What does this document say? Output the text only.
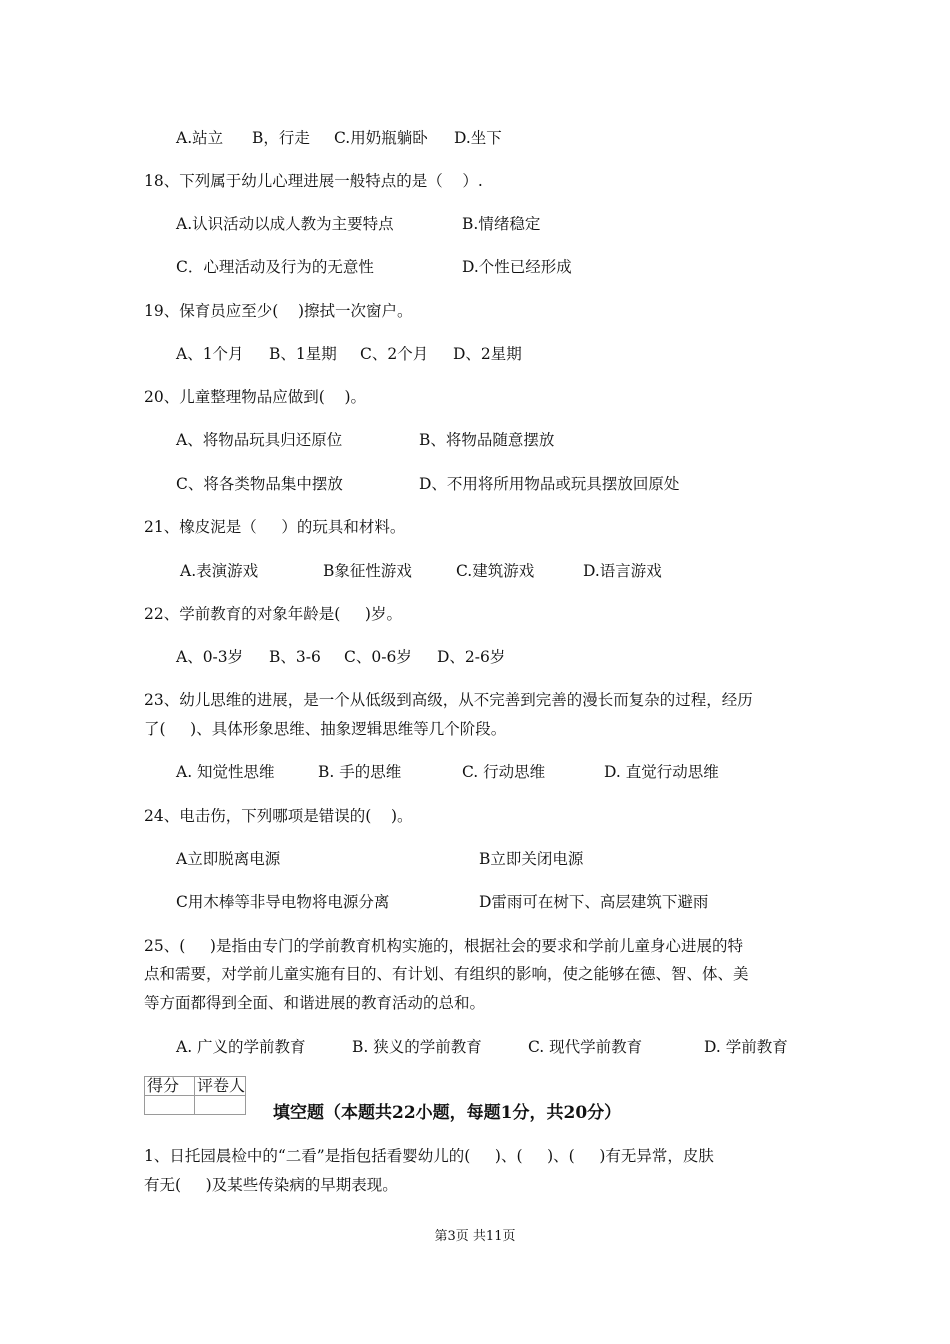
A.站立 B，行走 C.用奶瓶躺卧 D.坐下
18、下列属于幼儿心理进展一般特点的是（    ）.
A.认识活动以成人教为主要特点	B.情绪稳定
C．心理活动及行为的无意性	D.个性已经形成
19、保育员应至少(    )擦拭一次窗户。
A、1个月 B、1星期 C、2个月 D、2星期
20、儿童整理物品应做到(    )。
A、将物品玩具归还原位	B、将物品随意摆放
C、将各类物品集中摆放	D、不用将所用物品或玩具摆放回原处
21、橡皮泥是（     ）的玩具和材料。
A.表演游戏	B象征性游戏	C.建筑游戏	D.语言游戏
22、学前教育的对象年龄是(     )岁。
A、0-3岁 B、3-6 C、0-6岁 D、2-6岁
23、幼儿思维的进展，是一个从低级到高级，从不完善到完善的漫长而复杂的过程，经历
了(     )、具体形象思维、抽象逻辑思维等几个阶段。
A. 知觉性思维	B. 手的思维	C. 行动思维	D. 直觉行动思维
24、电击伤，下列哪项是错误的(    )。
A立即脱离电源	B立即关闭电源
C用木棒等非导电物将电源分离	D雷雨可在树下、高层建筑下避雨
25、(     )是指由专门的学前教育机构实施的，根据社会的要求和学前儿童身心进展的特
点和需要，对学前儿童实施有目的、有计划、有组织的影响，使之能够在德、智、体、美
等方面都得到全面、和谐进展的教育活动的总和。
A. 广义的学前教育	B. 狭义的学前教育	C. 现代学前教育	D. 学前教育
得分	评卷人

填空题（本题共22小题，每题1分，共20分）
1、日托园晨检中的“二看”是指包括看婴幼儿的(     )、(     )、(     )有无异常，皮肤
有无(     )及某些传染病的早期表现。
第3页 共11页
